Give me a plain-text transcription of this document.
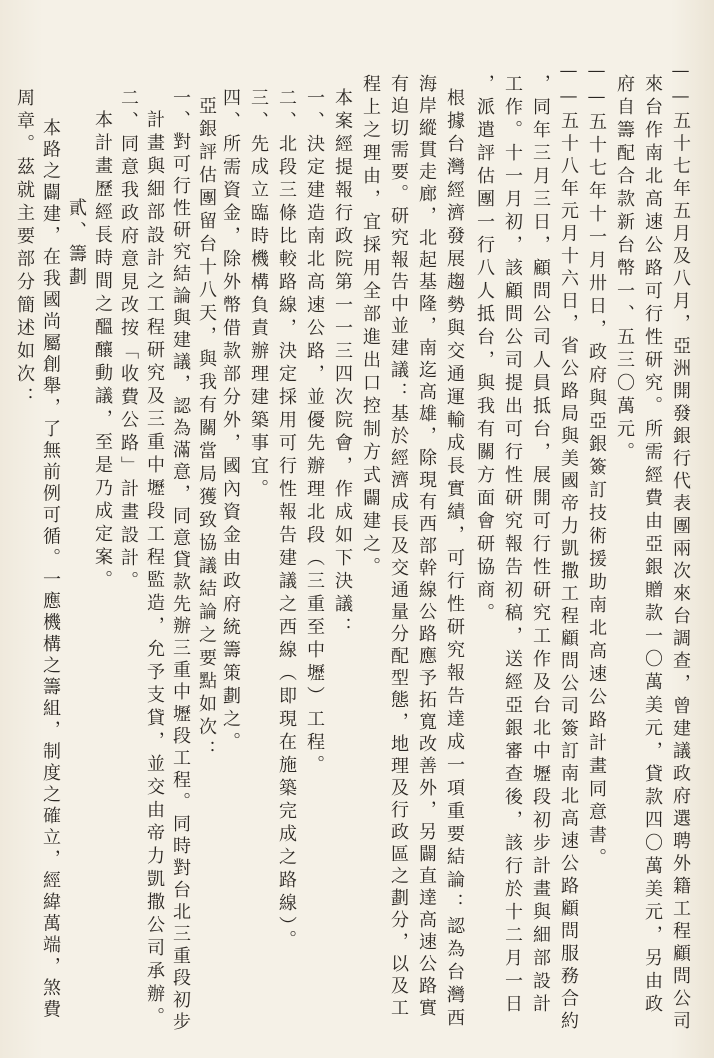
——五十七年五月及八月，亞洲開發銀行代表團兩次來台調查，曾建議政府選聘外籍工程顧問公司
來台作南北高速公路可行性研究。所需經費由亞銀贈款一〇萬美元，貸款四〇萬美元，另由政
府自籌配合款新台幣一、五三〇萬元。
——五十七年十一月卅日，政府與亞銀簽訂技術援助南北高速公路計畫同意書。
——五十八年元月十六日，省公路局與美國帝力凱撒工程顧問公司簽訂南北高速公路顧問服務合約
，同年三月三日，顧問公司人員抵台，展開可行性研究工作及台北中壢段初步計畫與細部設計
工作。十一月初，該顧問公司提出可行性研究報告初稿，送經亞銀審查後，該行於十二月一日
，派遣評估團一行八人抵台，與我有關方面會研協商。
根據台灣經濟發展趨勢與交通運輸成長實績，可行性研究報告達成一項重要結論：認為台灣西
海岸縱貫走廊，北起基隆，南迄高雄，除現有西部幹線公路應予拓寬改善外，另闢直達高速公路實
有迫切需要。研究報告中並建議：基於經濟成長及交通量分配型態，地理及行政區之劃分，以及工
程上之理由，宜採用全部進出口控制方式闢建之。
本案經提報行政院第一一三四次院會，作成如下決議：
一、決定建造南北高速公路，並優先辦理北段（三重至中壢）工程。
二、北段三條比較路線，決定採用可行性報告建議之西線（即現在施築完成之路線）。
三、先成立臨時機構負責辦理建築事宜。
四、所需資金，除外幣借款部分外，國內資金由政府統籌策劃之。
亞銀評估團留台十八天，與我有關當局獲致協議結論之要點如次：
一、對可行性研究結論與建議，認為滿意，同意貸款先辦三重中壢段工程。同時對台北三重段初步
計畫與細部設計之工程研究及三重中壢段工程監造，允予支貸，並交由帝力凱撒公司承辦。
二、同意我政府意見改按「收費公路」計畫設計。
本計畫歷經長時間之醞釀動議，至是乃成定案。
貳、籌劃
本路之闢建，在我國尚屬創舉，了無前例可循。一應機構之籌組，制度之確立，經緯萬端，煞費
周章。茲就主要部分簡述如次：
